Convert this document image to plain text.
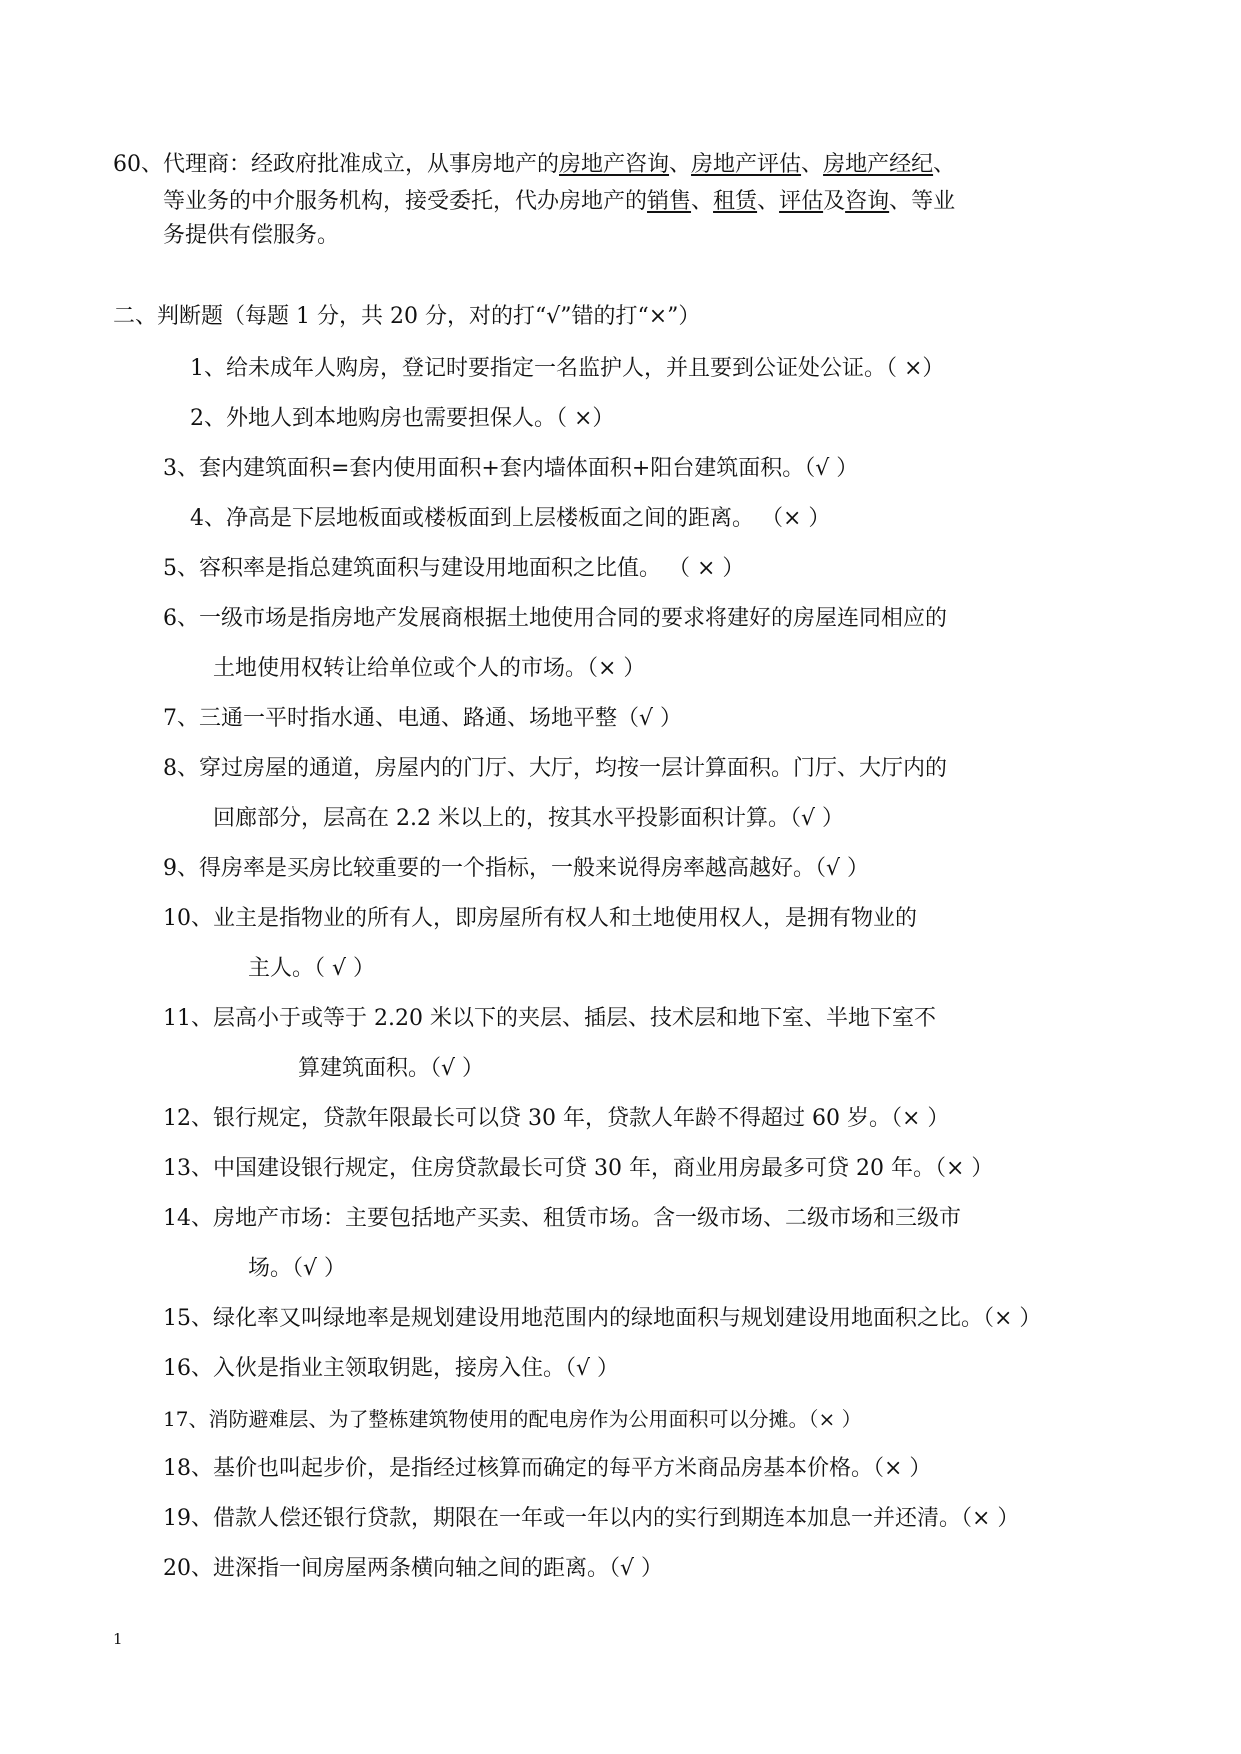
60、代理商：经政府批准成立，从事房地产的房地产咨询、房地产评估、房地产经纪、
等业务的中介服务机构，接受委托，代办房地产的销售、租赁、评估及咨询、等业
务提供有偿服务。
二、判断题（每题 1 分，共 20 分，对的打“√”错的打“×”）
1、给未成年人购房，登记时要指定一名监护人，并且要到公证处公证。（ ×）
2、外地人到本地购房也需要担保人。（ ×）
3、套内建筑面积=套内使用面积+套内墙体面积+阳台建筑面积。（√ ）
4、净高是下层地板面或楼板面到上层楼板面之间的距离。 （× ）
5、容积率是指总建筑面积与建设用地面积之比值。 （ × ）
6、一级市场是指房地产发展商根据土地使用合同的要求将建好的房屋连同相应的
土地使用权转让给单位或个人的市场。（× ）
7、三通一平时指水通、电通、路通、场地平整（√ ）
8、穿过房屋的通道，房屋内的门厅、大厅，均按一层计算面积。门厅、大厅内的
回廊部分，层高在 2.2 米以上的，按其水平投影面积计算。（√ ）
9、得房率是买房比较重要的一个指标，一般来说得房率越高越好。（√ ）
10、业主是指物业的所有人，即房屋所有权人和土地使用权人，是拥有物业的
主人。（ √ ）
11、层高小于或等于 2.20 米以下的夹层、插层、技术层和地下室、半地下室不
算建筑面积。（√ ）
12、银行规定，贷款年限最长可以贷 30 年，贷款人年龄不得超过 60 岁。（× ）
13、中国建设银行规定，住房贷款最长可贷 30 年，商业用房最多可贷 20 年。（× ）
14、房地产市场：主要包括地产买卖、租赁市场。含一级市场、二级市场和三级市
场。（√ ）
15、绿化率又叫绿地率是规划建设用地范围内的绿地面积与规划建设用地面积之比。（× ）
16、入伙是指业主领取钥匙，接房入住。（√ ）
17、消防避难层、为了整栋建筑物使用的配电房作为公用面积可以分摊。（× ）
18、基价也叫起步价，是指经过核算而确定的每平方米商品房基本价格。（× ）
19、借款人偿还银行贷款，期限在一年或一年以内的实行到期连本加息一并还清。（× ）
20、进深指一间房屋两条横向轴之间的距离。（√ ）
1
